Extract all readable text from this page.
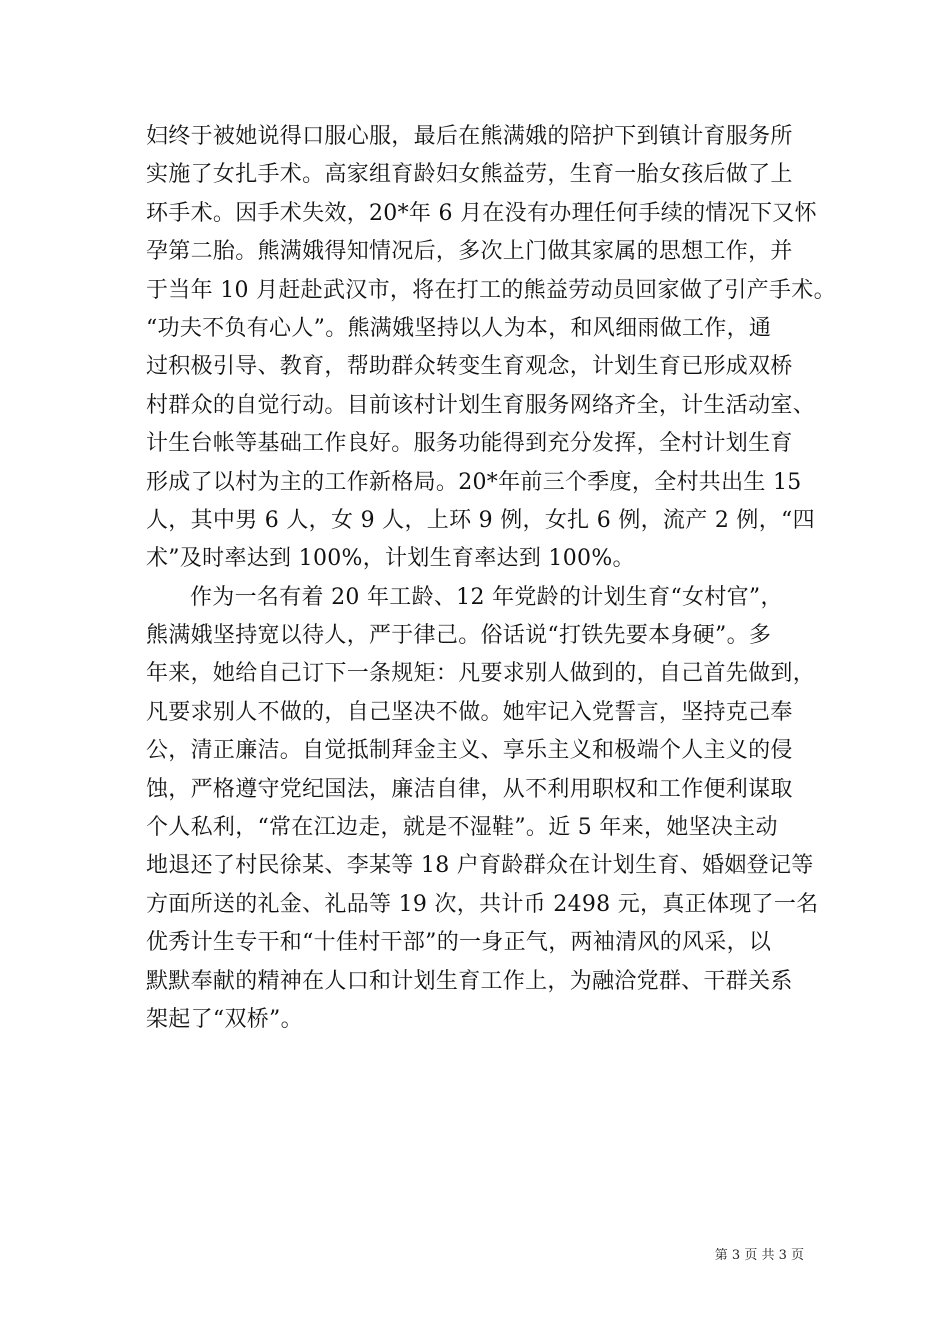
妇终于被她说得口服心服，最后在熊满娥的陪护下到镇计育服务所
实施了女扎手术。高家组育龄妇女熊益劳，生育一胎女孩后做了上
环手术。因手术失效，20*年 6 月在没有办理任何手续的情况下又怀
孕第二胎。熊满娥得知情况后，多次上门做其家属的思想工作，并
于当年 10 月赶赴武汉市，将在打工的熊益劳动员回家做了引产手术。
“功夫不负有心人”。熊满娥坚持以人为本，和风细雨做工作，通
过积极引导、教育，帮助群众转变生育观念，计划生育已形成双桥
村群众的自觉行动。目前该村计划生育服务网络齐全，计生活动室、
计生台帐等基础工作良好。服务功能得到充分发挥，全村计划生育
形成了以村为主的工作新格局。20*年前三个季度，全村共出生 15
人，其中男 6 人，女 9 人，上环 9 例，女扎 6 例，流产 2 例，“四
术”及时率达到 100%，计划生育率达到 100%。
作为一名有着 20 年工龄、12 年党龄的计划生育“女村官”，
熊满娥坚持宽以待人，严于律己。俗话说“打铁先要本身硬”。多
年来，她给自己订下一条规矩：凡要求别人做到的，自己首先做到，
凡要求别人不做的，自己坚决不做。她牢记入党誓言，坚持克己奉
公，清正廉洁。自觉抵制拜金主义、享乐主义和极端个人主义的侵
蚀，严格遵守党纪国法，廉洁自律，从不利用职权和工作便利谋取
个人私利，“常在江边走，就是不湿鞋”。近 5 年来，她坚决主动
地退还了村民徐某、李某等 18 户育龄群众在计划生育、婚姻登记等
方面所送的礼金、礼品等 19 次，共计币 2498 元，真正体现了一名
优秀计生专干和“十佳村干部”的一身正气，两袖清风的风采，以
默默奉献的精神在人口和计划生育工作上，为融洽党群、干群关系
架起了“双桥”。
第 3 页 共 3 页
